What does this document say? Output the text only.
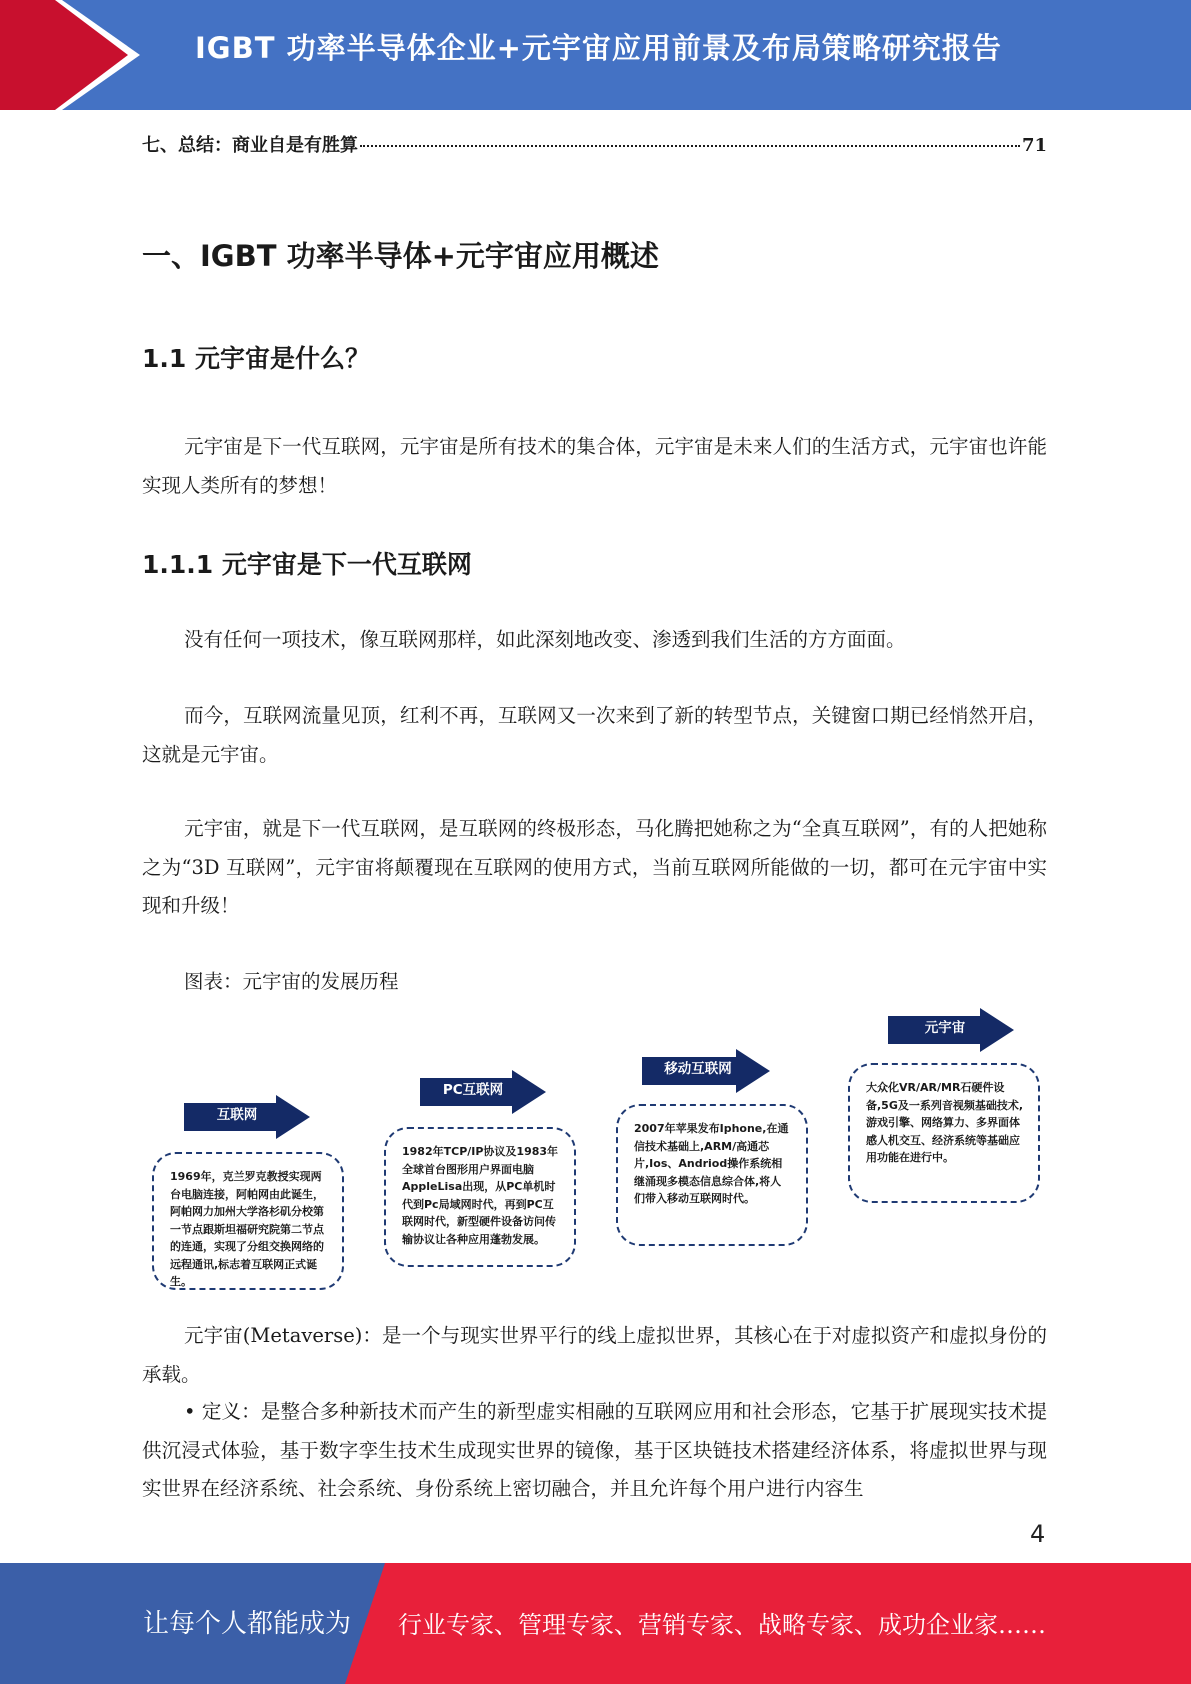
IGBT 功率半导体企业+元宇宙应用前景及布局策略研究报告
七、总结：商业自是有胜算	71
一、IGBT 功率半导体+元宇宙应用概述
1.1 元宇宙是什么？

元宇宙是下一代互联网，元宇宙是所有技术的集合体，元宇宙是未来人们的生活方式，元宇宙也许能实现人类所有的梦想！

1.1.1 元宇宙是下一代互联网

没有任何一项技术，像互联网那样，如此深刻地改变、渗透到我们生活的方方面面。

而今，互联网流量见顶，红利不再，互联网又一次来到了新的转型节点，关键窗口期已经悄然开启，这就是元宇宙。

元宇宙，就是下一代互联网，是互联网的终极形态，马化腾把她称之为“全真互联网”，有的人把她称之为“3D 互联网”，元宇宙将颠覆现在互联网的使用方式，当前互联网所能做的一切，都可在元宇宙中实现和升级！

图表：元宇宙的发展历程
互联网
1969年，克兰罗克教授实现两台电脑连接，阿帕网由此诞生，阿帕网力加州大学洛杉矶分校第一节点跟斯坦福研究院第二节点的连通，实现了分组交换网络的远程通讯,标志着互联网正式诞生。
PC互联网
1982年TCP/IP协议及1983年全球首台图形用户界面电脑AppleLisa出现，从PC单机时代到Pc局域网时代，再到PC互联网时代，新型硬件设备访问传输协议让各种应用蓬勃发展。
移动互联网
2007年苹果发布Iphone,在通信技术基础上,ARM/高通芯片,Ios、Andriod操作系统相继涌现多模态信息综合体,将人们带入移动互联网时代。
元宇宙
大众化VR/AR/MR石硬件设备,5G及一系列音视频基础技术,游戏引擎、网络算力、多界面体感人机交互、经济系统等基础应用功能在进行中。

元宇宙(Metaverse)：是一个与现实世界平行的线上虚拟世界，其核心在于对虚拟资产和虚拟身份的承载。

• 定义：是整合多种新技术而产生的新型虚实相融的互联网应用和社会形态，它基于扩展现实技术提供沉浸式体验，基于数字孪生技术生成现实世界的镜像，基于区块链技术搭建经济体系，将虚拟世界与现实世界在经济系统、社会系统、身份系统上密切融合，并且允许每个用户进行内容生

4
让每个人都能成为 行业专家、管理专家、营销专家、战略专家、成功企业家……
